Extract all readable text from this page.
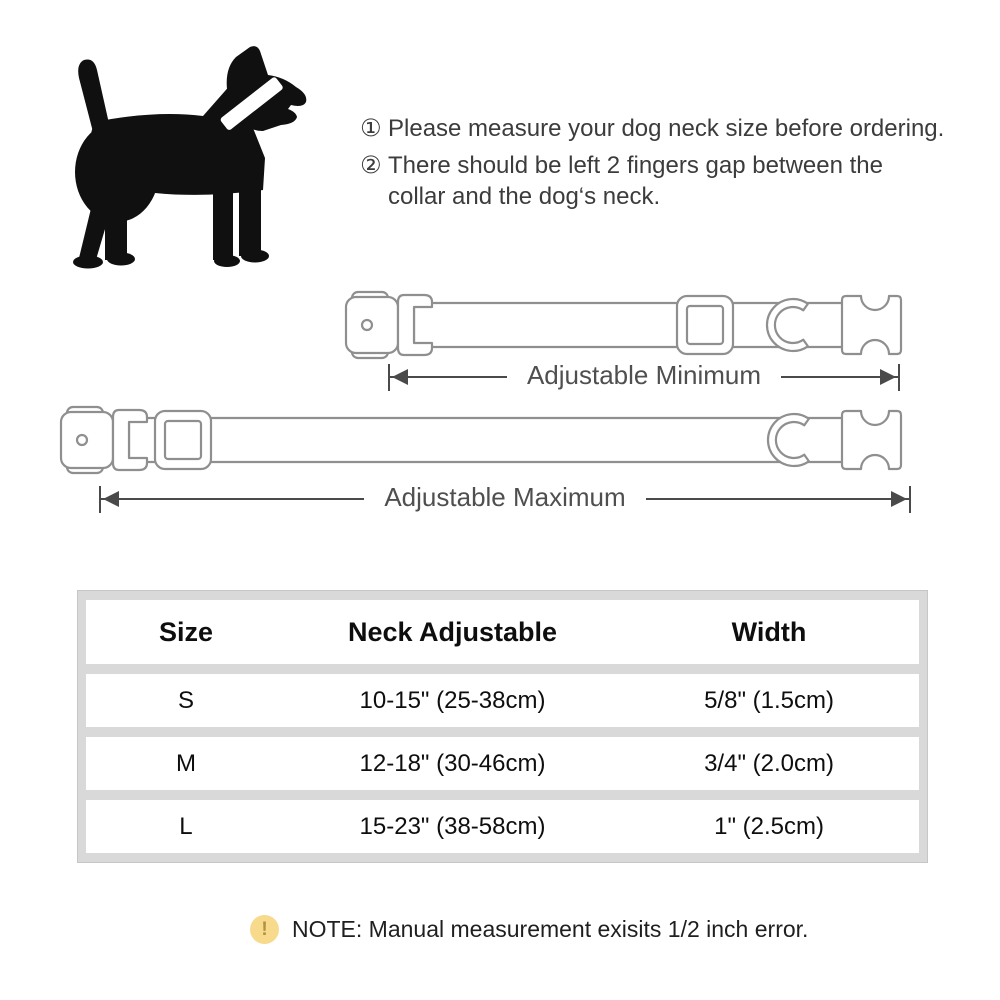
① Please measure your dog neck size before ordering.
② There should be left 2 fingers gap between the
collar and the dog‘s neck.
Adjustable Minimum
Adjustable Maximum
Size	Neck Adjustable	Width
S	10-15" (25-38cm)	5/8" (1.5cm)
M	12-18" (30-46cm)	3/4" (2.0cm)
L	15-23" (38-58cm)	1" (2.5cm)
! NOTE: Manual measurement exisits 1/2 inch error.
